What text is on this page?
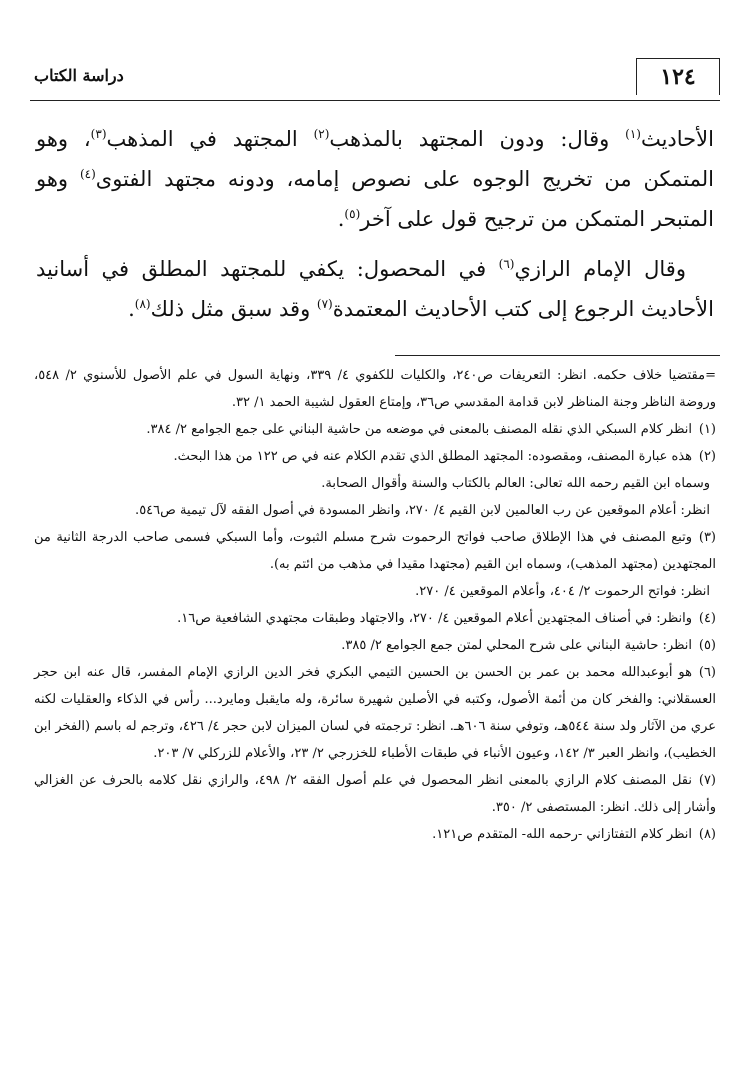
١٢٤
دراسة الكتاب

الأحاديث$^{(١)}$ وقال: ودون المجتهد بالمذهب$^{(٢)}$ المجتهد في المذهب$^{(٣)}$، وهو المتمكن من تخريج الوجوه على نصوص إمامه، ودونه مجتهد الفتوى$^{(٤)}$ وهو المتبحر المتمكن من ترجيح قول على آخر$^{(٥)}$.

وقال الإمام الرازي$^{(٦)}$ في المحصول: يكفي للمجتهد المطلق في أسانيد الأحاديث الرجوع إلى كتب الأحاديث المعتمدة$^{(٧)}$ وقد سبق مثل ذلك$^{(٨)}$.

=مقتضيا خلاف حكمه. انظر: التعريفات ص٢٤٠، والكليات للكفوي ٤/ ٣٣٩، ونهاية السول في علم الأصول للأسنوي ٢/ ٥٤٨، وروضة الناظر وجنة المناظر لابن قدامة المقدسي ص٣٦، وإمتاع العقول لشيبة الحمد ١/ ٣٢.

(١)انظر كلام السبكي الذي نقله المصنف بالمعنى في موضعه من حاشية البناني على جمع الجوامع ٢/ ٣٨٤.

(٢)هذه عبارة المصنف، ومقصوده: المجتهد المطلق الذي تقدم الكلام عنه في ص ١٢٢ من هذا البحث.

وسماه ابن القيم رحمه الله تعالى: العالم بالكتاب والسنة وأقوال الصحابة.

انظر: أعلام الموقعين عن رب العالمين لابن القيم ٤/ ٢٧٠، وانظر المسودة في أصول الفقه لآل تيمية ص٥٤٦.

(٣)وتبع المصنف في هذا الإطلاق صاحب فواتح الرحموت شرح مسلم الثبوت، وأما السبكي فسمى صاحب الدرجة الثانية من المجتهدين (مجتهد المذهب)، وسماه ابن القيم (مجتهدا مقيدا في مذهب من ائتم به).

انظر: فواتح الرحموت ٢/ ٤٠٤، وأعلام الموقعين ٤/ ٢٧٠.

(٤)وانظر: في أصناف المجتهدين أعلام الموقعين ٤/ ٢٧٠، والاجتهاد وطبقات مجتهدي الشافعية ص١٦.

(٥)انظر: حاشية البناني على شرح المحلي لمتن جمع الجوامع ٢/ ٣٨٥.

(٦)هو أبوعبدالله محمد بن عمر بن الحسن بن الحسين التيمي البكري فخر الدين الرازي الإمام المفسر، قال عنه ابن حجر العسقلاني: والفخر كان من أئمة الأصول، وكتبه في الأصلين شهيرة سائرة، وله مايقبل ومايرد... رأس في الذكاء والعقليات لكنه عري من الآثار ولد سنة ٥٤٤هـ، وتوفي سنة ٦٠٦هـ. انظر: ترجمته في لسان الميزان لابن حجر ٤/ ٤٢٦، وترجم له باسم (الفخر ابن الخطيب)، وانظر العبر ٣/ ١٤٢، وعيون الأنباء في طبقات الأطباء للخزرجي ٢/ ٢٣، والأعلام للزركلي ٧/ ٢٠٣.

(٧)نقل المصنف كلام الرازي بالمعنى انظر المحصول في علم أصول الفقه ٢/ ٤٩٨، والرازي نقل كلامه بالحرف عن الغزالي وأشار إلى ذلك. انظر: المستصفى ٢/ ٣٥٠.

(٨)انظر كلام التفتازاني -رحمه الله- المتقدم ص١٢١.
